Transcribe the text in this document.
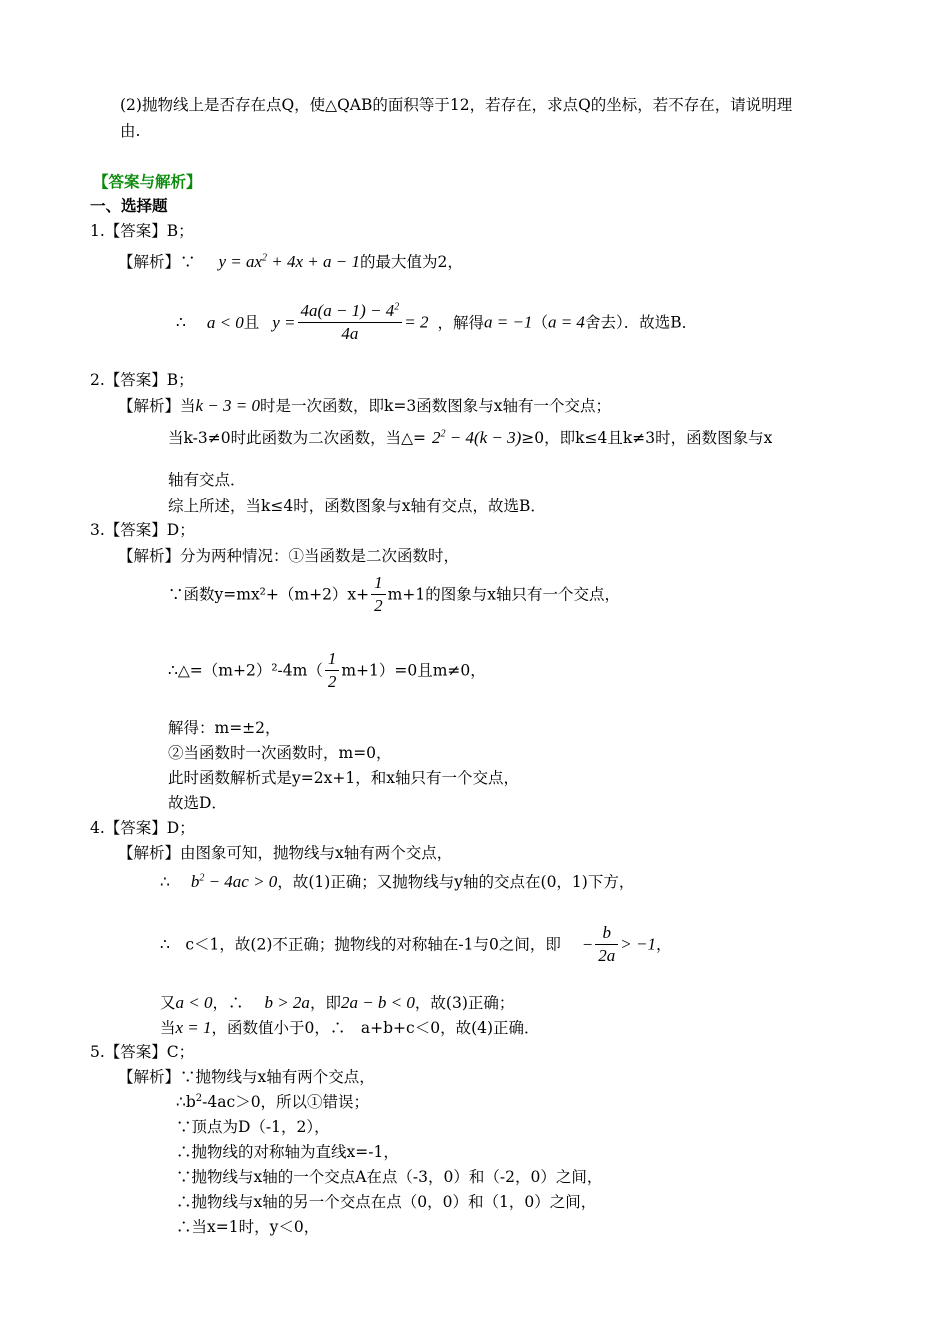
(2)抛物线上是否存在点Q，使△QAB的面积等于12，若存在，求点Q的坐标，若不存在，请说明理
由.
【答案与解析】
一、选择题
1.【答案】B；
【解析】∵ $y = ax^2 + 4x + a - 1$的最大值为2，
∴ a < 0且 $y = \frac{4a(a - 1) - 4^2}{4a} = 2$ ，解得a = −1（a = 4舍去）．故选B．
2.【答案】B；
【解析】当k − 3 = 0时是一次函数，即k=3函数图象与x轴有一个交点；
当k-3≠0时此函数为二次函数，当△= $2^2 - 4(k - 3)\ge 0$，即k≤4且k≠3时，函数图象与x
轴有交点．
综上所述，当k≤4时，函数图象与x轴有交点，故选B．
3.【答案】D；
【解析】分为两种情况：①当函数是二次函数时，
∵函数$y=mx^2+(m+2)x+ \frac{1}{2} m+1$的图象与x轴只有一个交点，
∴△=（m+2）²-4m（ $\frac{1}{2} m+1)=0$且m≠0，
解得：m=±2，
②当函数时一次函数时，m=0，
此时函数解析式是y=2x+1，和x轴只有一个交点，
故选D．
4.【答案】D；
【解析】由图象可知，抛物线与x轴有两个交点，
∴ $b^2 - 4ac > 0$，故(1)正确；又抛物线与y轴的交点在(0，1)下方，
∴　c＜1，故(2)不正确；抛物线的对称轴在-1与0之间，即 − $\frac{b}{2a} > -1$，
又a < 0，∴ b > 2a，即2a − b < 0，故(3)正确；
当x = 1，函数值小于0，∴　a+b+c＜0，故(4)正确．
5.【答案】C；
【解析】∵抛物线与x轴有两个交点，
$\therefore b^2-4ac>0$，所以①错误；
∵顶点为D（-1，2），
∴抛物线的对称轴为直线x=-1，
∵抛物线与x轴的一个交点A在点（-3，0）和（-2，0）之间，
∴抛物线与x轴的另一个交点在点（0，0）和（1，0）之间，
∴当x=1时，y＜0，
